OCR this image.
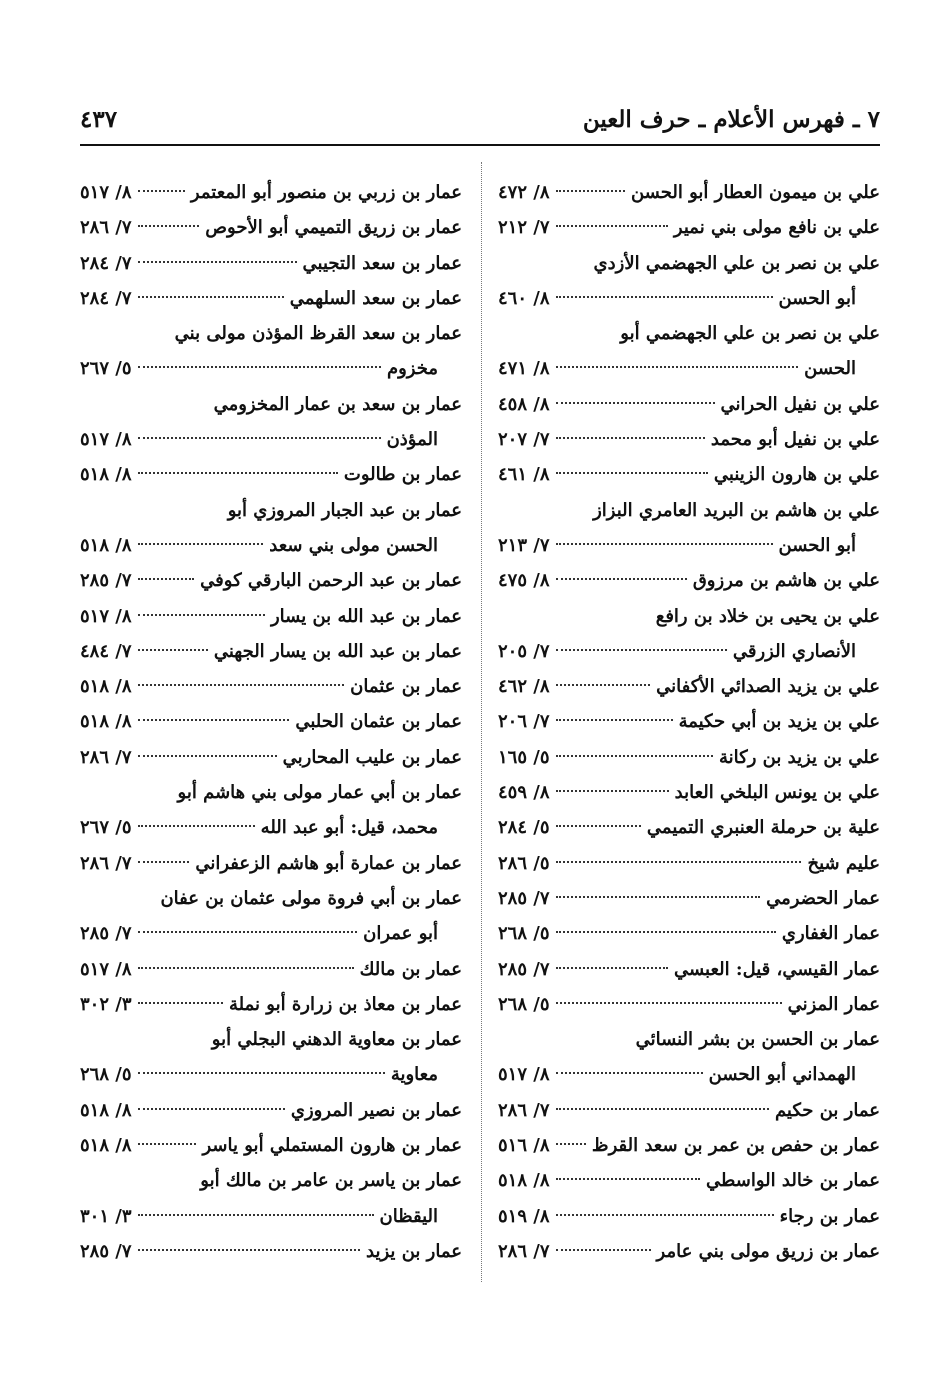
٧ ـ فهرس الأعلام ـ حرف العين
٤٣٧
علي بن ميمون العطار أبو الحسن
٨/ ٤٧٢
علي بن نافع مولى بني نمير
٧/ ٢١٢
علي بن نصر بن علي الجهضمي الأزدي
أبو الحسن
٨/ ٤٦٠
علي بن نصر بن علي الجهضمي أبو
الحسن
٨/ ٤٧١
علي بن نفيل الحراني
٨/ ٤٥٨
علي بن نفيل أبو محمد
٧/ ٢٠٧
علي بن هارون الزينبي
٨/ ٤٦١
علي بن هاشم بن البريد العامري البزاز
أبو الحسن
٧/ ٢١٣
علي بن هاشم بن مرزوق
٨/ ٤٧٥
علي بن يحيى بن خلاد بن رافع
الأنصاري الزرقي
٧/ ٢٠٥
علي بن يزيد الصدائي الأكفاني
٨/ ٤٦٢
علي بن يزيد بن أبي حكيمة
٧/ ٢٠٦
علي بن يزيد بن ركانة
٥/ ١٦٥
علي بن يونس البلخي العابد
٨/ ٤٥٩
علية بن حرملة العنبري التميمي
٥/ ٢٨٤
عليم شيخ
٥/ ٢٨٦
عمار الحضرمي
٧/ ٢٨٥
عمار الغفاري
٥/ ٢٦٨
عمار القيسي، قيل: العبسي
٧/ ٢٨٥
عمار المزني
٥/ ٢٦٨
عمار بن الحسن بن بشر النسائي
الهمداني أبو الحسن
٨/ ٥١٧
عمار بن حكيم
٧/ ٢٨٦
عمار بن حفص بن عمر بن سعد القرظ
٨/ ٥١٦
عمار بن خالد الواسطي
٨/ ٥١٨
عمار بن رجاء
٨/ ٥١٩
عمار بن زريق مولى بني عامر
٧/ ٢٨٦
عمار بن زربي بن منصور أبو المعتمر
٨/ ٥١٧
عمار بن زريق التميمي أبو الأحوص
٧/ ٢٨٦
عمار بن سعد التجيبي
٧/ ٢٨٤
عمار بن سعد السلهمي
٧/ ٢٨٤
عمار بن سعد القرظ المؤذن مولى بني
مخزوم
٥/ ٢٦٧
عمار بن سعد بن عمار المخزومي
المؤذن
٨/ ٥١٧
عمار بن طالوت
٨/ ٥١٨
عمار بن عبد الجبار المروزي أبو
الحسن مولى بني سعد
٨/ ٥١٨
عمار بن عبد الرحمن البارقي كوفي
٧/ ٢٨٥
عمار بن عبد الله بن يسار
٨/ ٥١٧
عمار بن عبد الله بن يسار الجهني
٧/ ٤٨٤
عمار بن عثمان
٨/ ٥١٨
عمار بن عثمان الحلبي
٨/ ٥١٨
عمار بن عليب المحاربي
٧/ ٢٨٦
عمار بن أبي عمار مولى بني هاشم أبو
محمد، قيل: أبو عبد الله
٥/ ٢٦٧
عمار بن عمارة أبو هاشم الزعفراني
٧/ ٢٨٦
عمار بن أبي فروة مولى عثمان بن عفان
أبو عمران
٧/ ٢٨٥
عمار بن مالك
٨/ ٥١٧
عمار بن معاذ بن زرارة أبو نملة
٣/ ٣٠٢
عمار بن معاوية الدهني البجلي أبو
معاوية
٥/ ٢٦٨
عمار بن نصير المروزي
٨/ ٥١٨
عمار بن هارون المستملي أبو ياسر
٨/ ٥١٨
عمار بن ياسر بن عامر بن مالك أبو
اليقظان
٣/ ٣٠١
عمار بن يزيد
٧/ ٢٨٥
